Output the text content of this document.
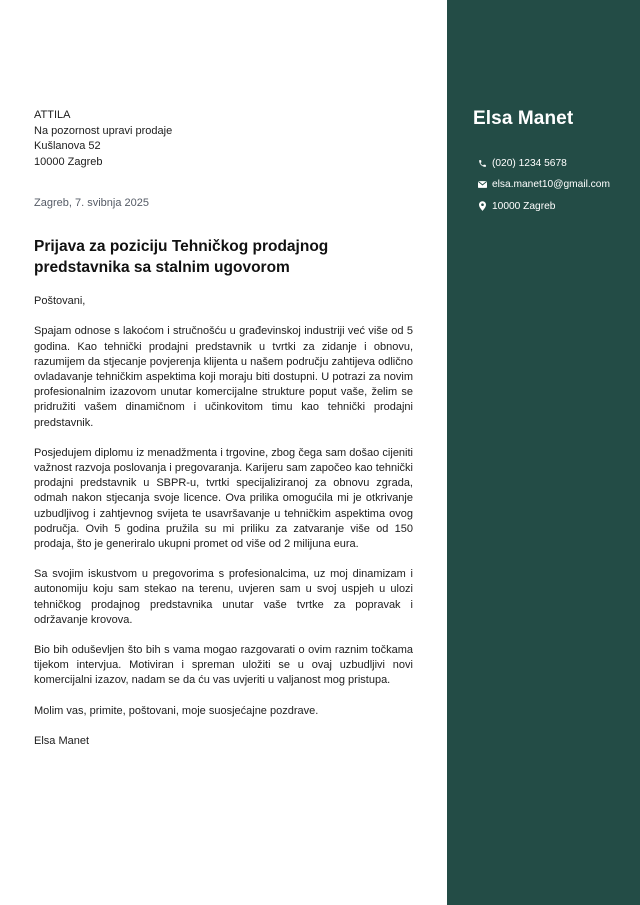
ATTILA
Na pozornost upravi prodaje
Kušlanova 52
10000 Zagreb
Zagreb, 7. svibnja 2025
Prijava za poziciju Tehničkog prodajnog predstavnika sa stalnim ugovorom
Poštovani,
Spajam odnose s lakoćom i stručnošću u građevinskoj industriji već više od 5 godina. Kao tehnički prodajni predstavnik u tvrtki za zidanje i obnovu, razumijem da stjecanje povjerenja klijenta u našem području zahtijeva odlično ovladavanje tehničkim aspektima koji moraju biti dostupni. U potrazi za novim profesionalnim izazovom unutar komercijalne strukture poput vaše, želim se pridružiti vašem dinamičnom i učinkovitom timu kao tehnički prodajni predstavnik.
Posjedujem diplomu iz menadžmenta i trgovine, zbog čega sam došao cijeniti važnost razvoja poslovanja i pregovaranja. Karijeru sam započeo kao tehnički prodajni predstavnik u SBPR-u, tvrtki specijaliziranoj za obnovu zgrada, odmah nakon stjecanja svoje licence. Ova prilika omogućila mi je otkrivanje uzbudljivog i zahtjevnog svijeta te usavršavanje u tehničkim aspektima ovog područja. Ovih 5 godina pružila su mi priliku za zatvaranje više od 150 prodaja, što je generiralo ukupni promet od više od 2 milijuna eura.
Sa svojim iskustvom u pregovorima s profesionalcima, uz moj dinamizam i autonomiju koju sam stekao na terenu, uvjeren sam u svoj uspjeh u ulozi tehničkog prodajnog predstavnika unutar vaše tvrtke za popravak i održavanje krovova.
Bio bih oduševljen što bih s vama mogao razgovarati o ovim raznim točkama tijekom intervjua. Motiviran i spreman uložiti se u ovaj uzbudljivi novi komercijalni izazov, nadam se da ću vas uvjeriti u valjanost mog pristupa.
Molim vas, primite, poštovani, moje suosjećajne pozdrave.
Elsa Manet
Elsa Manet
(020) 1234 5678
elsa.manet10@gmail.com
10000 Zagreb
